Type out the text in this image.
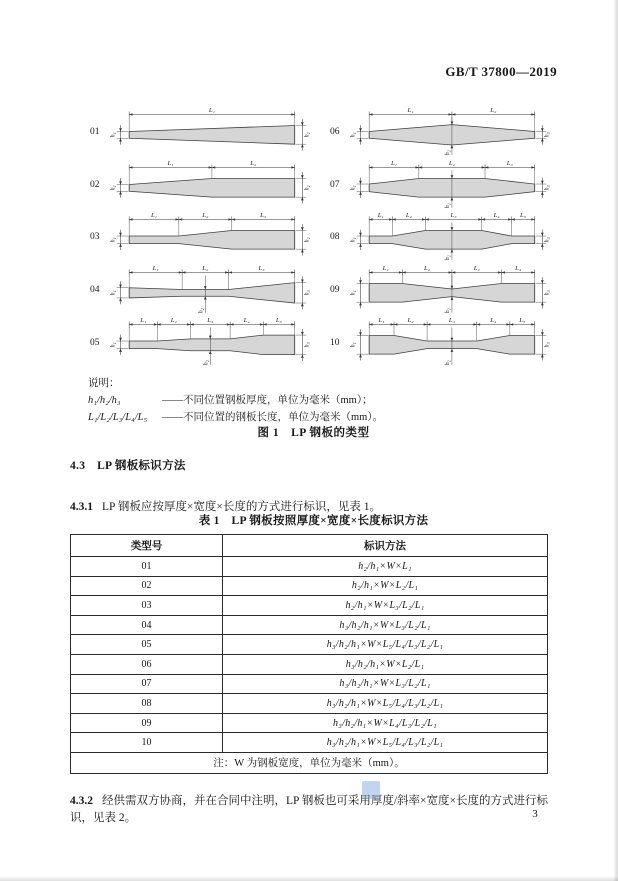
GB/T 37800—2019
01
L₁
h₁	h₂
02
L₁	L₂
h₁	h₂
03
L₁	L₂	L₃
h₁	h₂
04
L₁	L₂	L₃
h₁	h₃
h₂
05
L₁	L₂	L₃	L₄	L₅
h₁	h₃
h₂
06
L₁	L₂
h₁	h₃
h₂
07
L₁	L₂	L₃
h₁	h₃
h₂
08
L₁	L₂	L₃	L₄	L₅
h₁	h₃
h₂
09
L₁	L₂	L₃	L₄
h₁	h₃
h₂
10
L₁	L₂	L₃	L₄	L₅
h₁	h₃
h₂
说明：
h₁/h₂/h₃	——不同位置钢板厚度，单位为毫米（mm）；
L₁/L₂/L₃/L₄/L₅ ——不同位置的钢板长度，单位为毫米（mm）。
图 1　LP 钢板的类型
4.3　LP 钢板标识方法

4.3.1 LP 钢板应按厚度×宽度×长度的方式进行标识，见表 1。

表 1　LP 钢板按照厚度×宽度×长度标识方法
类型号	标识方法
01	h₂/h₁×W×L₁
02	h₂/h₁×W×L₂/L₁
03	h₂/h₁×W×L₃/L₂/L₁
04	h₃/h₂/h₁×W×L₃/L₂/L₁
05	h₃/h₂/h₁×W×L₅/L₄/L₃/L₂/L₁
06	h₃/h₂/h₁×W×L₂/L₁
07	h₃/h₂/h₁×W×L₃/L₂/L₁
08	h₃/h₂/h₁×W×L₅/L₄/L₃/L₂/L₁
09	h₃/h₂/h₁×W×L₄/L₃/L₂/L₁
10	h₃/h₂/h₁×W×L₅/L₄/L₃/L₂/L₁
注：W 为钢板宽度，单位为毫米（mm）。	

4.3.2 经供需双方协商，并在合同中注明，LP 钢板也可采用厚度/斜率×宽度×长度的方式进行标识，见表 2。	3
